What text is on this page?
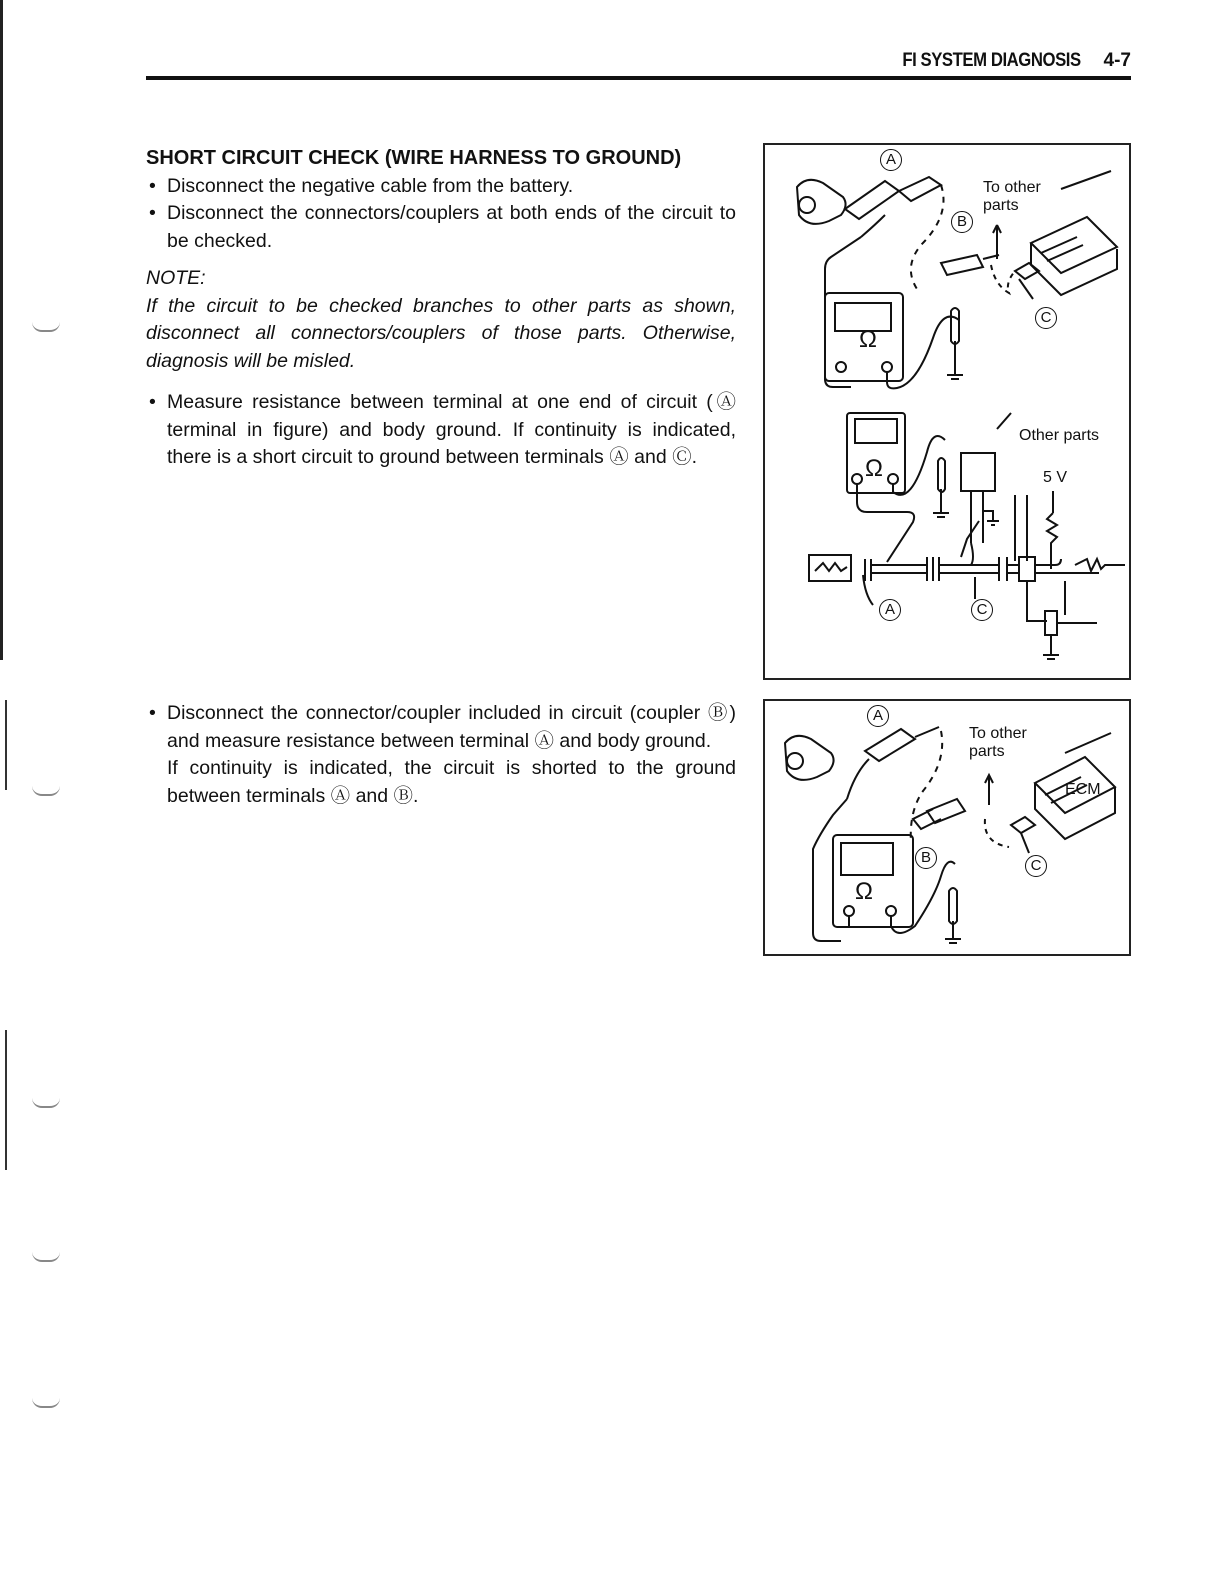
FI SYSTEM DIAGNOSIS 4-7
SHORT CIRCUIT CHECK (WIRE HARNESS TO GROUND)
• Disconnect the negative cable from the battery.
• Disconnect the connectors/couplers at both ends of the circuit to be checked.
NOTE:

If the circuit to be checked branches to other parts as shown, disconnect all connectors/couplers of those parts. Otherwise, diagnosis will be misled.

• Measure resistance between terminal at one end of circuit (Ⓐ terminal in figure) and body ground. If continuity is indicated, there is a short circuit to ground between terminals Ⓐ and Ⓒ.
• Disconnect the connector/coupler included in circuit (coupler Ⓑ) and measure resistance between terminal Ⓐ and body ground.

If continuity is indicated, the circuit is shorted to the ground between terminals Ⓐ and Ⓑ.

A
B
C
To other parts
Ω
Other parts
5 V
Ω
A	C
A
B	C
To other parts
ECM
Ω
